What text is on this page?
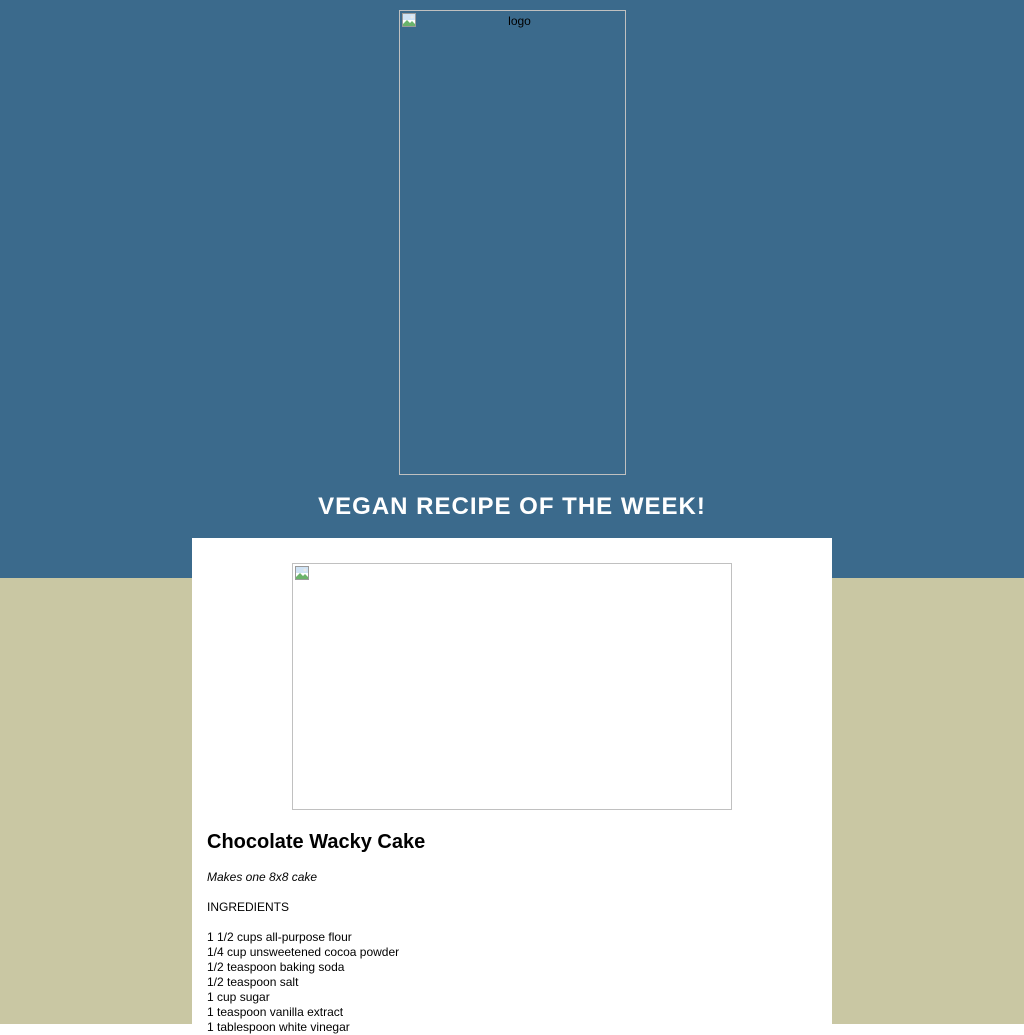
logo
VEGAN RECIPE OF THE WEEK!
Chocolate Wacky Cake
Makes one 8x8 cake
INGREDIENTS
1 1/2 cups all-purpose flour
1/4 cup unsweetened cocoa powder
1/2 teaspoon baking soda
1/2 teaspoon salt
1 cup sugar
1 teaspoon vanilla extract
1 tablespoon white vinegar
